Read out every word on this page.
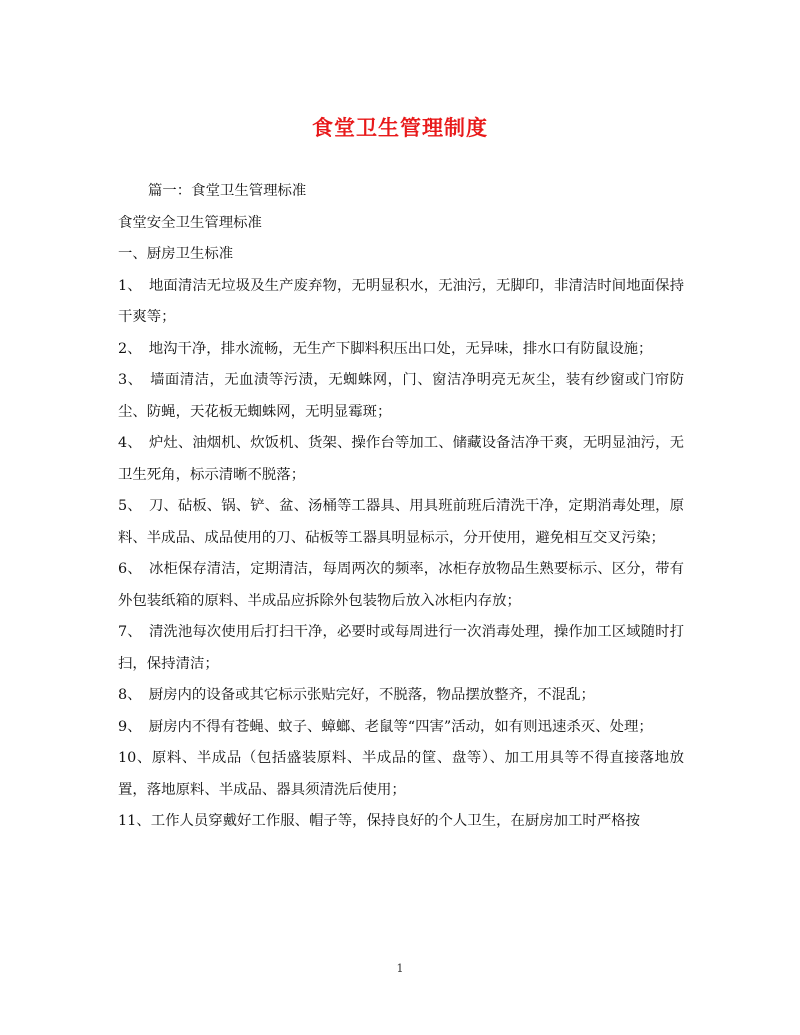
食堂卫生管理制度

篇一：食堂卫生管理标准

食堂安全卫生管理标准

一、厨房卫生标准

1、　地面清洁无垃圾及生产废弃物，无明显积水，无油污，无脚印，非清洁时间地面保持干爽等；

2、　地沟干净，排水流畅，无生产下脚料积压出口处，无异味，排水口有防鼠设施；

3、　墙面清洁，无血渍等污渍，无蜘蛛网，门、窗洁净明亮无灰尘，装有纱窗或门帘防尘、防蝇，天花板无蜘蛛网，无明显霉斑；

4、　炉灶、油烟机、炊饭机、货架、操作台等加工、储藏设备洁净干爽，无明显油污，无卫生死角，标示清晰不脱落；

5、　刀、砧板、锅、铲、盆、汤桶等工器具、用具班前班后清洗干净，定期消毒处理，原料、半成品、成品使用的刀、砧板等工器具明显标示，分开使用，避免相互交叉污染；

6、　冰柜保存清洁，定期清洁，每周两次的频率，冰柜存放物品生熟要标示、区分，带有外包装纸箱的原料、半成品应拆除外包装物后放入冰柜内存放；

7、　清洗池每次使用后打扫干净，必要时或每周进行一次消毒处理，操作加工区域随时打扫，保持清洁；

8、　厨房内的设备或其它标示张贴完好，不脱落，物品摆放整齐，不混乱；

9、　厨房内不得有苍蝇、蚊子、蟑螂、老鼠等“四害”活动，如有则迅速杀灭、处理；

10、原料、半成品（包括盛装原料、半成品的筐、盘等）、加工用具等不得直接落地放置，落地原料、半成品、器具须清洗后使用；

11、工作人员穿戴好工作服、帽子等，保持良好的个人卫生，在厨房加工时严格按

1
